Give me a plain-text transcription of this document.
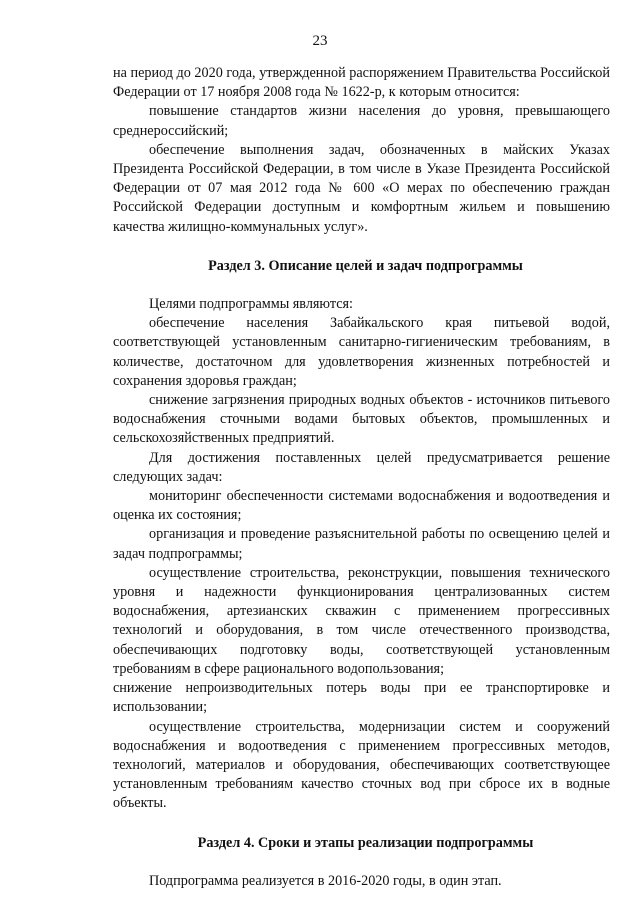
23

на период до 2020 года, утвержденной распоряжением Правительства Российской Федерации от 17 ноября 2008 года № 1622-р, к которым относится:

повышение стандартов жизни населения до уровня, превышающего среднероссийский;

обеспечение выполнения задач, обозначенных в майских Указах Президента Российской Федерации, в том числе в Указе Президента Российской Федерации от 07 мая 2012 года № 600 «О мерах по обеспечению граждан Российской Федерации доступным и комфортным жильем и повышению качества жилищно-коммунальных услуг».

Раздел 3. Описание целей и задач подпрограммы

Целями подпрограммы являются:

обеспечение населения Забайкальского края питьевой водой, соответствующей установленным санитарно-гигиеническим требованиям, в количестве, достаточном для удовлетворения жизненных потребностей и сохранения здоровья граждан;

снижение загрязнения природных водных объектов - источников питьевого водоснабжения сточными водами бытовых объектов, промышленных и сельскохозяйственных предприятий.

Для достижения поставленных целей предусматривается решение следующих задач:

мониторинг обеспеченности системами водоснабжения и водоотведения и оценка их состояния;

организация и проведение разъяснительной работы по освещению целей и задач подпрограммы;

осуществление строительства, реконструкции, повышения технического уровня и надежности функционирования централизованных систем водоснабжения, артезианских скважин с применением прогрессивных технологий и оборудования, в том числе отечественного производства, обеспечивающих подготовку воды, соответствующей установленным требованиям в сфере рационального водопользования;

снижение непроизводительных потерь воды при ее транспортировке и использовании;

осуществление строительства, модернизации систем и сооружений водоснабжения и водоотведения с применением прогрессивных методов, технологий, материалов и оборудования, обеспечивающих соответствующее установленным требованиям качество сточных вод при сбросе их в водные объекты.

Раздел 4. Сроки и этапы реализации подпрограммы

Подпрограмма реализуется в 2016-2020 годы, в один этап.
